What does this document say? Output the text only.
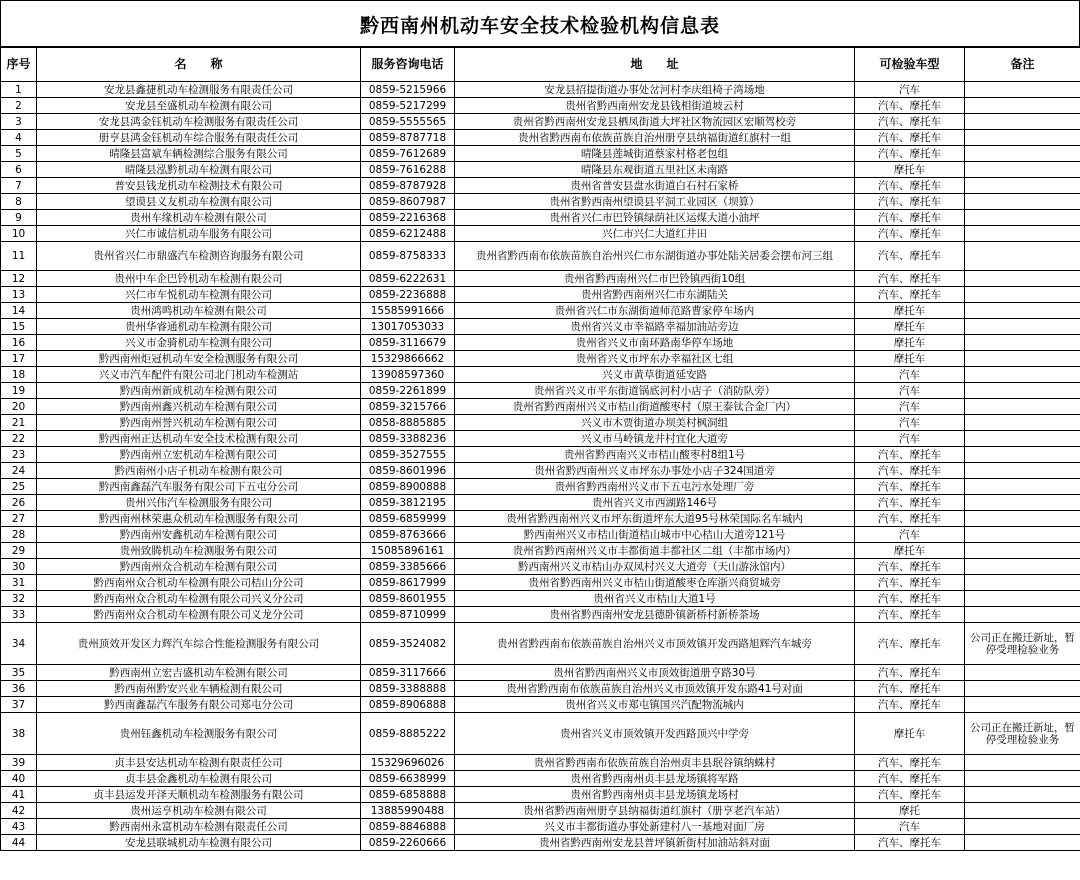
黔西南州机动车安全技术检验机构信息表
序号	名　　称	服务咨询电话	地　　址	可检验车型	备注
1	安龙县鑫捷机动车检测服务有限责任公司	0859-5215966	安龙县招提街道办事处岔河村李庆组椅子湾场地	汽车	
2	安龙县至盛机动车检测有限公司	0859-5217299	贵州省黔西南州安龙县钱相街道坡云村	汽车、摩托车	
3	安龙县鸿金钰机动车检测服务有限责任公司	0859-5555565	贵州省黔西南州安龙县栖凤街道大坪社区物流园区宏顺驾校旁	汽车、摩托车	
4	册亨县鸿金钰机动车综合服务有限责任公司	0859-8787718	贵州省黔西南布依族苗族自治州册亨县纳福街道红旗村一组	汽车、摩托车	
5	晴隆县富斌车辆检测综合服务有限公司	0859-7612689	晴隆县莲城街道蔡家村格老包组	汽车、摩托车	
6	晴隆县泓黔机动车检测有限公司	0859-7616288	晴隆县东观街道五里社区未南路	摩托车	
7	普安县钱龙机动车检测技术有限公司	0859-8787928	贵州省普安县盘水街道白石村石家桥	汽车、摩托车	
8	望谟县义友机动车检测有限公司	0859-8607987	贵州省黔西南州望谟县平洞工业园区（坝算）	汽车、摩托车	
9	贵州车缘机动车检测有限公司	0859-2216368	贵州省兴仁市巴铃镇绿荫社区运煤大道小油坪	汽车、摩托车	
10	兴仁市诚信机动车服务有限公司	0859-6212488	兴仁市兴仁大道红井田	汽车、摩托车	
11	贵州省兴仁市鼎盛汽车检测咨询服务有限公司	0859-8758333	贵州省黔西南布依族苗族自治州兴仁市东湖街道办事处陆关居委会摆布河三组	汽车、摩托车	
12	贵州中车企巴铃机动车检测有限公司	0859-6222631	贵州省黔西南州兴仁市巴铃镇西街10组	汽车、摩托车	
13	兴仁市车悦机动车检测有限公司	0859-2236888	贵州省黔西南州兴仁市东湖陆关	汽车、摩托车	
14	贵州鸿鸣机动车检测有限公司	15585991666	贵州省兴仁市东湖街道师范路曹家停车场内	摩托车	
15	贵州华睿通机动车检测有限公司	13017053033	贵州省兴义市幸福路幸福加油站旁边	摩托车	
16	兴义市金骑机动车检测有限公司	0859-3116679	贵州省兴义市南环路南华停车场地	摩托车	
17	黔西南州炬冠机动车安全检测服务有限公司	15329866662	贵州省兴义市坪东办幸福社区七组	摩托车	
18	兴义市汽车配件有限公司北门机动车检测站	13908597360	兴义市黄草街道延安路	汽车	
19	黔西南州新成机动车检测有限公司	0859-2261899	贵州省兴义市平东街道锅底河村小店子（消防队旁）	汽车	
20	黔西南州鑫兴机动车检测有限公司	0859-3215766	贵州省黔西南州兴义市桔山街道酸枣村（原王泰钛合金厂内）	汽车	
21	黔西南州誉兴机动车检测有限公司	0858-8885885	兴义市木贾街道办坝美村枫洞组	汽车	
22	黔西南州正达机动车安全技术检测有限公司	0859-3388236	兴义市马岭镇龙井村宜化大道旁	汽车	
23	黔西南州立宏机动车检测有限公司	0859-3527555	贵州省黔西南兴义市桔山酸枣村8组1号	汽车、摩托车	
24	黔西南州小店子机动车检测有限公司	0859-8601996	贵州省黔西南州兴义市坪东办事处小店子324国道旁	汽车、摩托车	
25	黔西南鑫磊汽车服务有限公司下五屯分公司	0859-8900888	贵州省黔西南州兴义市下五屯污水处理厂旁	汽车、摩托车	
26	贵州兴伟汽车检测服务有限公司	0859-3812195	贵州省兴义市西湖路146号	汽车、摩托车	
27	黔西南州林荣惠众机动车检测服务有限公司	0859-6859999	贵州省黔西南州兴义市坪东街道坪东大道95号林荣国际名车城内	汽车、摩托车	
28	黔西南州安鑫机动车检测有限公司	0859-8763666	黔西南州兴义市桔山街道桔山城市中心桔山大道旁121号	汽车	
29	贵州致腾机动车检测服务有限公司	15085896161	贵州省黔西南州兴义市丰都街道丰都社区二组（丰都市场内）	摩托车	
30	黔西南州众合机动车检测有限公司	0859-3385666	黔西南州兴义市桔山办双凤村兴义大道旁（天山游泳馆内）	汽车、摩托车	
31	黔西南州众合机动车检测有限公司桔山分公司	0859-8617999	贵州省黔西南州兴义市桔山街道酸枣仓库浙兴商贸城旁	汽车、摩托车	
32	黔西南州众合机动车检测有限公司兴义分公司	0859-8601955	贵州省兴义市桔山大道1号	汽车、摩托车	
33	黔西南州众合机动车检测有限公司义龙分公司	0859-8710999	贵州省黔西南州安龙县德卧镇新桥村新桥茶场	汽车、摩托车	
34	贵州顶效开发区力辉汽车综合性能检测服务有限公司	0859-3524082	贵州省黔西南布依族苗族自治州兴义市顶效镇开发西路旭辉汽车城旁	汽车、摩托车	公司正在搬迁新址，暂停受理检验业务
35	黔西南州立宏吉盛机动车检测有限公司	0859-3117666	贵州省黔西南州兴义市顶效街道册亨路30号	汽车、摩托车	
36	黔西南州黔安兴业车辆检测有限公司	0859-3388888	贵州省黔西南布依族苗族自治州兴义市顶效镇开发东路41号对面	汽车、摩托车	
37	黔西南鑫磊汽车服务有限公司郑屯分公司	0859-8906888	贵州省兴义市郑屯镇国兴汽配物流城内	汽车、摩托车	
38	贵州钰鑫机动车检测服务有限公司	0859-8885222	贵州省兴义市顶效镇开发西路顶兴中学旁	摩托车	公司正在搬迁新址，暂停受理检验业务
39	贞丰县安达机动车检测有限责任公司	15329696026	贵州省黔西南布依族苗族自治州贞丰县珉谷镇纳蛛村	汽车、摩托车	
40	贞丰县金鑫机动车检测有限公司	0859-6638999	贵州省黔西南州贞丰县龙场镇将军路	汽车、摩托车	
41	贞丰县运发开泽天顺机动车检测服务有限公司	0859-6858888	贵州省黔西南州贞丰县龙场镇龙场村	汽车、摩托车	
42	贵州运亨机动车检测有限公司	13885990488	贵州省黔西南州册亨县纳福街道红旗村（册亨老汽车站）	摩托	
43	黔西南州永富机动车检测有限责任公司	0859-8846888	兴义市丰都街道办事处新建村八一基地对面厂房	汽车	
44	安龙县联城机动车检测有限公司	0859-2260666	贵州省黔西南州安龙县普坪镇新街村加油站斜对面	汽车、摩托车	
